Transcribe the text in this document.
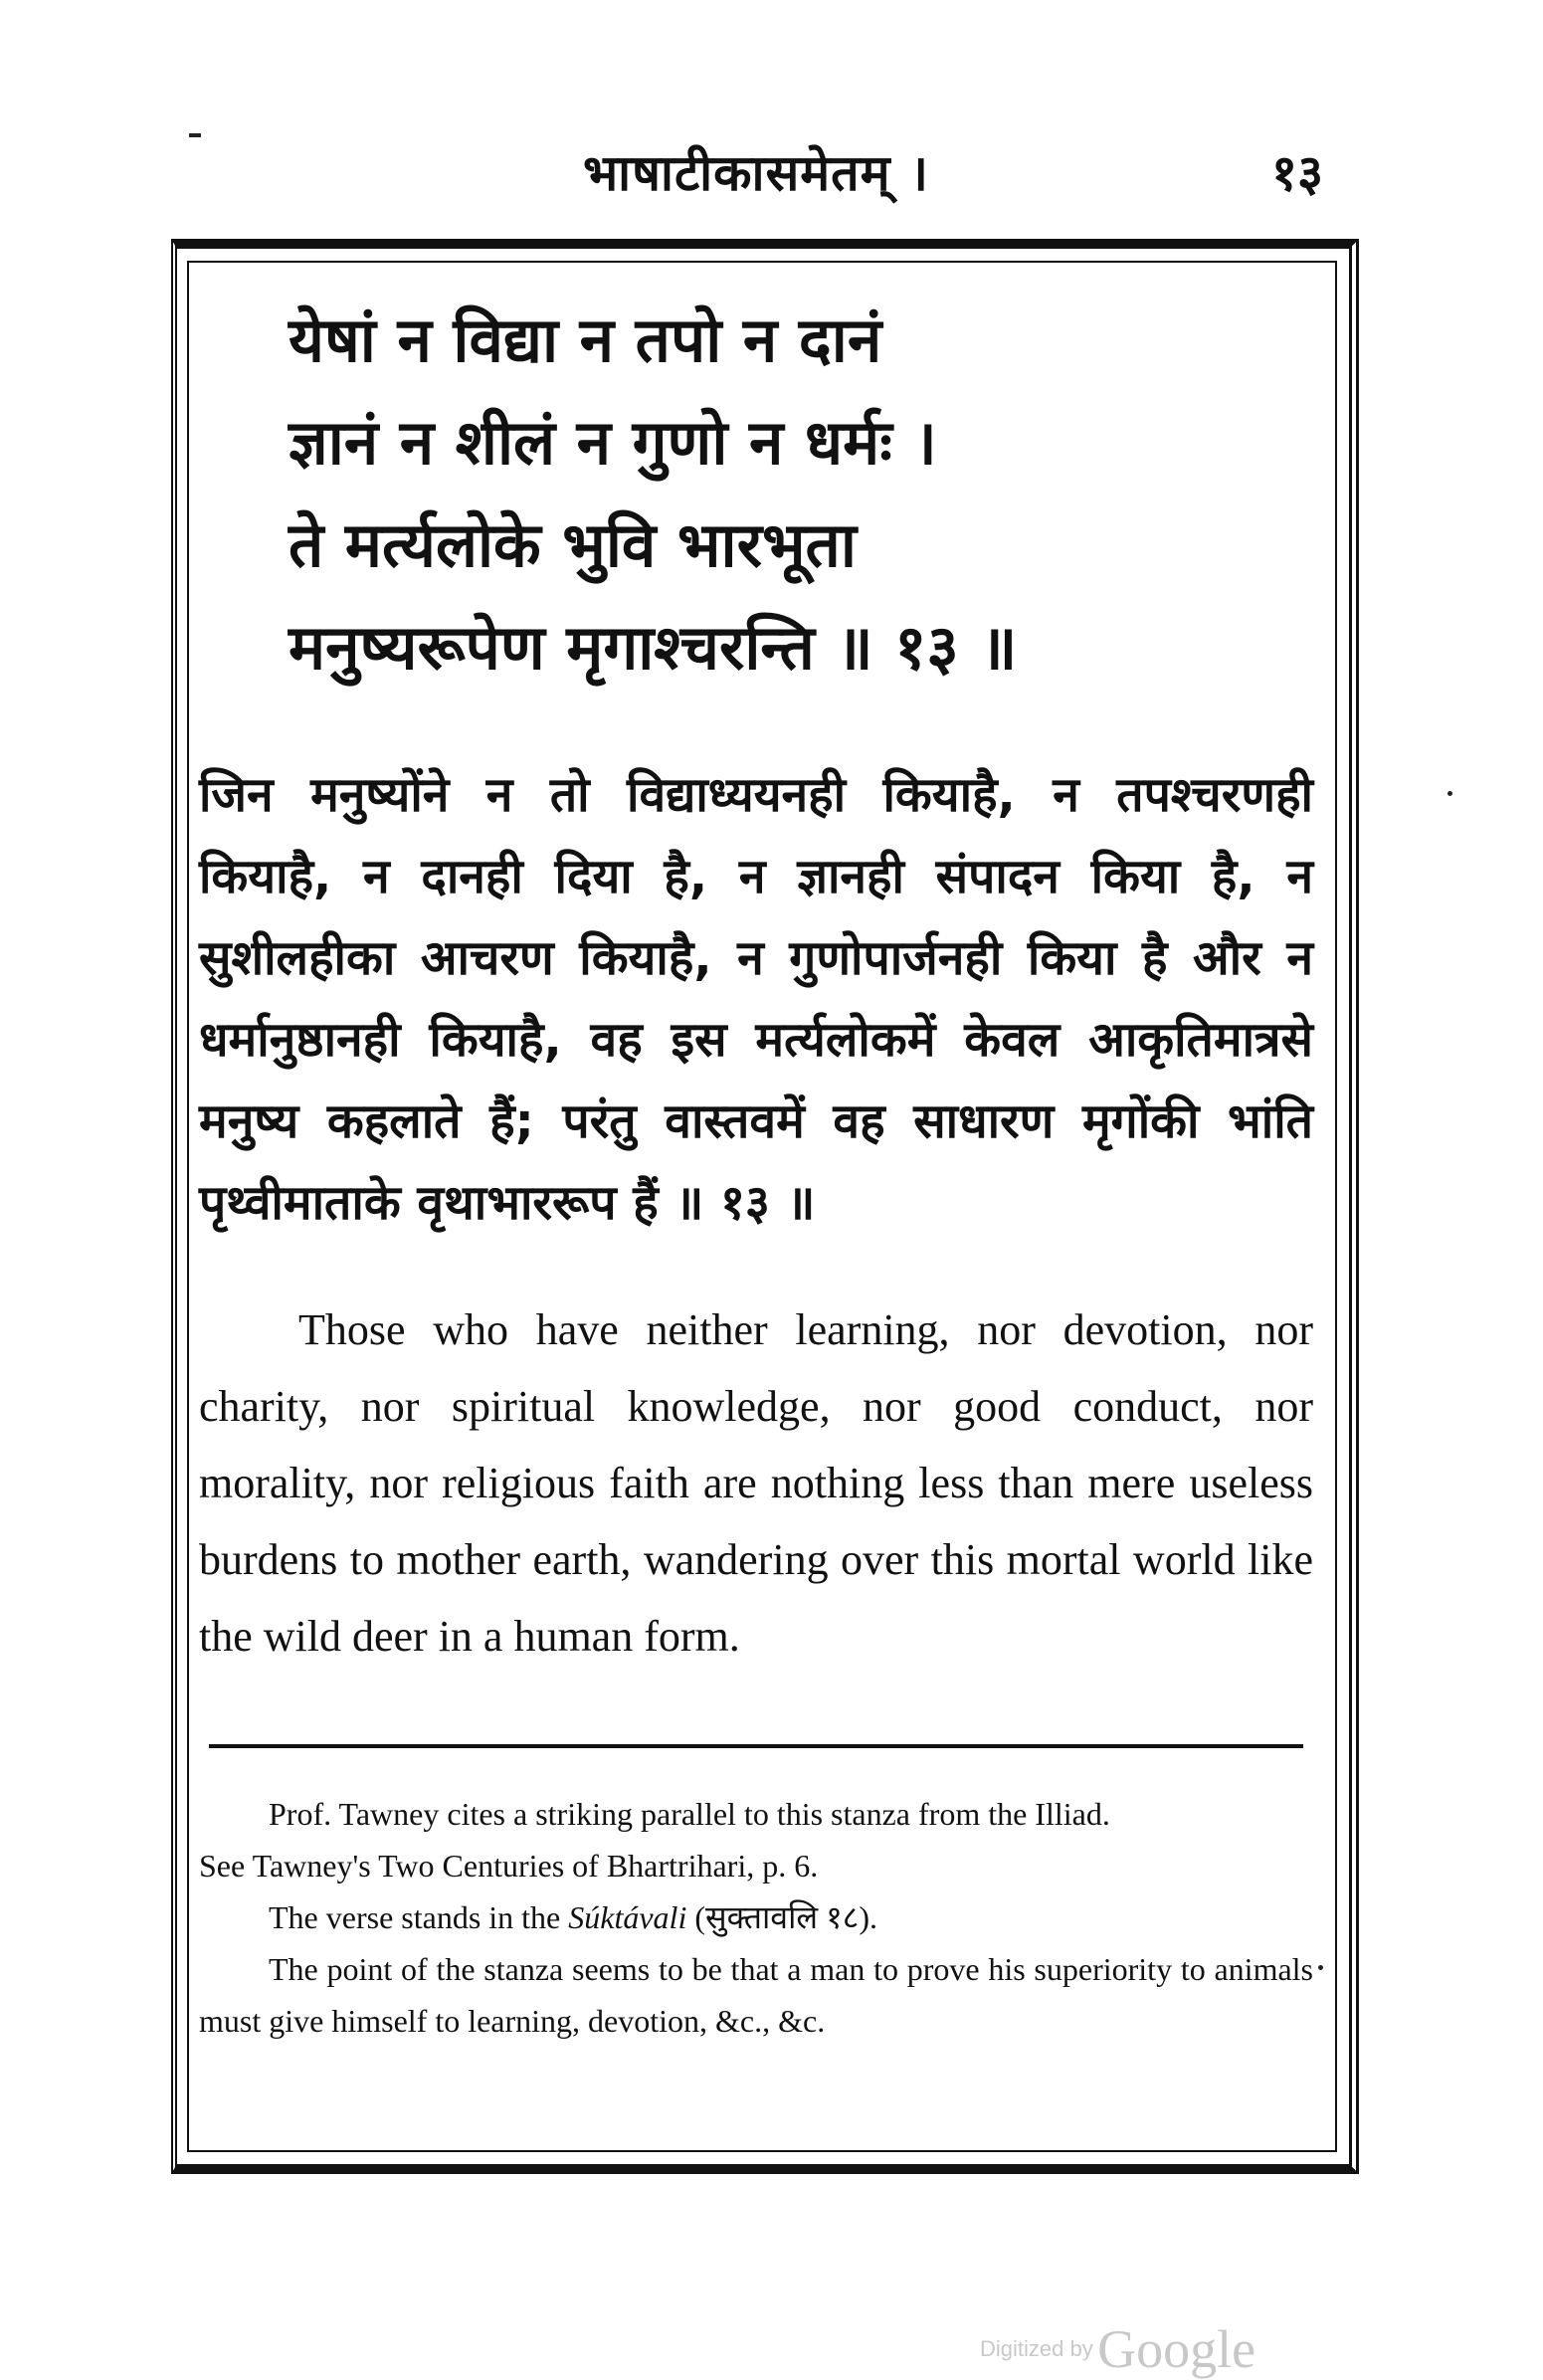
भाषाटीकासमेतम् ।	१३
येषां न विद्या न तपो न दानं
ज्ञानं न शीलं न गुणो न धर्मः ।
ते मर्त्यलोके भुवि भारभूता
मनुष्यरूपेण मृगाश्चरन्ति ॥ १३ ॥

जिन मनुष्योंने न तो विद्याध्ययनही कियाहै, न तपश्चरणही कियाहै, न दानही दिया है, न ज्ञानही संपादन किया है, न सुशीलहीका आचरण कियाहै, न गुणोपार्जनही किया है और न धर्मानुष्ठानही कियाहै, वह इस मर्त्यलोकमें केवल आकृतिमात्रसे मनुष्य कहलाते हैं; परंतु वास्तवमें वह साधारण मृगोंकी भांति पृथ्वीमाताके वृथाभाररूप हैं ॥ १३ ॥

Those who have neither learning, nor devotion, nor charity, nor spiritual knowledge, nor good conduct, nor morality, nor religious faith are nothing less than mere useless burdens to mother earth, wandering over this mortal world like the wild deer in a human form.

Prof. Tawney cites a striking parallel to this stanza from the Illiad.

See Tawney's Two Centuries of Bhartrihari, p. 6.

The verse stands in the Súktávali (सुक्तावलि १८).

The point of the stanza seems to be that a man to prove his superiority to animals must give himself to learning, devotion, &c., &c.

Digitized by Google
